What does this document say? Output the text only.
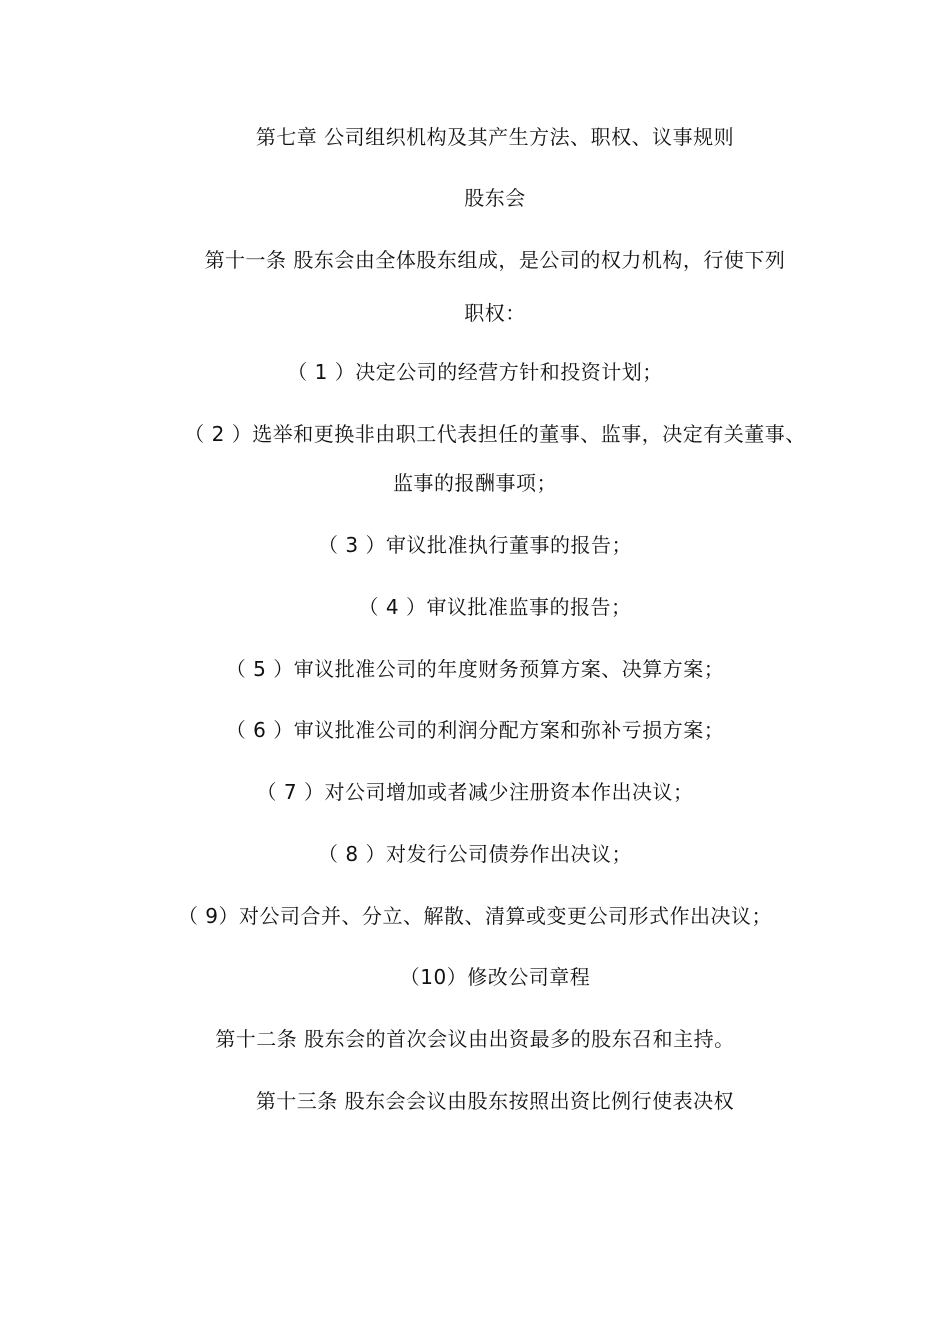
第七章 公司组织机构及其产生方法、职权、议事规则
股东会
第十一条 股东会由全体股东组成，是公司的权力机构，行使下列
职权：
（ 1 ）决定公司的经营方针和投资计划；
（ 2 ）选举和更换非由职工代表担任的董事、监事，决定有关董事、
监事的报酬事项；
（ 3 ）审议批准执行董事的报告；
（ 4 ）审议批准监事的报告；
（ 5 ）审议批准公司的年度财务预算方案、决算方案；
（ 6 ）审议批准公司的利润分配方案和弥补亏损方案；
（ 7 ）对公司增加或者减少注册资本作出决议；
（ 8 ）对发行公司债券作出决议；
（ 9）对公司合并、分立、解散、清算或变更公司形式作出决议；
（10）修改公司章程
第十二条 股东会的首次会议由出资最多的股东召和主持。
第十三条 股东会会议由股东按照出资比例行使表决权
